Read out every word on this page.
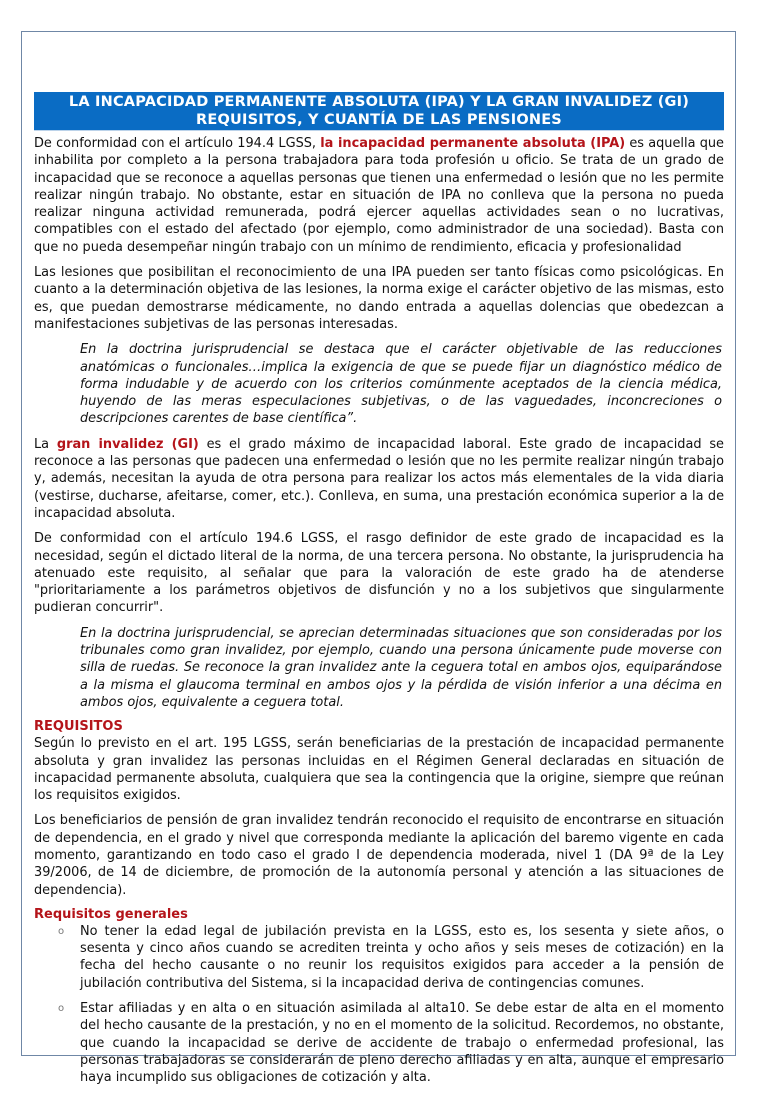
LA INCAPACIDAD PERMANENTE ABSOLUTA (IPA) Y LA GRAN INVALIDEZ (GI)
REQUISITOS, Y CUANTÍA DE LAS PENSIONES

De conformidad con el artículo 194.4 LGSS, la incapacidad permanente absoluta (IPA) es aquella que inhabilita por completo a la persona trabajadora para toda profesión u oficio. Se trata de un grado de incapacidad que se reconoce a aquellas personas que tienen una enfermedad o lesión que no les permite realizar ningún trabajo. No obstante, estar en situación de IPA no conlleva que la persona no pueda realizar ninguna actividad remunerada, podrá ejercer aquellas actividades sean o no lucrativas, compatibles con el estado del afectado (por ejemplo, como administrador de una sociedad). Basta con que no pueda desempeñar ningún trabajo con un mínimo de rendimiento, eficacia y profesionalidad

Las lesiones que posibilitan el reconocimiento de una IPA pueden ser tanto físicas como psicológicas. En cuanto a la determinación objetiva de las lesiones, la norma exige el carácter objetivo de las mismas, esto es, que puedan demostrarse médicamente, no dando entrada a aquellas dolencias que obedezcan a manifestaciones subjetivas de las personas interesadas.

En la doctrina jurisprudencial se destaca que el carácter objetivable de las reducciones anatómicas o funcionales…implica la exigencia de que se puede fijar un diagnóstico médico de forma indudable y de acuerdo con los criterios comúnmente aceptados de la ciencia médica, huyendo de las meras especulaciones subjetivas, o de las vaguedades, inconcreciones o descripciones carentes de base científica”.

La gran invalidez (GI) es el grado máximo de incapacidad laboral. Este grado de incapacidad se reconoce a las personas que padecen una enfermedad o lesión que no les permite realizar ningún trabajo y, además, necesitan la ayuda de otra persona para realizar los actos más elementales de la vida diaria (vestirse, ducharse, afeitarse, comer, etc.). Conlleva, en suma, una prestación económica superior a la de incapacidad absoluta.

De conformidad con el artículo 194.6 LGSS, el rasgo definidor de este grado de incapacidad es la necesidad, según el dictado literal de la norma, de una tercera persona. No obstante, la jurisprudencia ha atenuado este requisito, al señalar que para la valoración de este grado ha de atenderse "prioritariamente a los parámetros objetivos de disfunción y no a los subjetivos que singularmente pudieran concurrir".

En la doctrina jurisprudencial, se aprecian determinadas situaciones que son consideradas por los tribunales como gran invalidez, por ejemplo, cuando una persona únicamente pude moverse con silla de ruedas. Se reconoce la gran invalidez ante la ceguera total en ambos ojos, equiparándose a la misma el glaucoma terminal en ambos ojos y la pérdida de visión inferior a una décima en ambos ojos, equivalente a ceguera total.

REQUISITOS

Según lo previsto en el art. 195 LGSS, serán beneficiarias de la prestación de incapacidad permanente absoluta y gran invalidez las personas incluidas en el Régimen General declaradas en situación de incapacidad permanente absoluta, cualquiera que sea la contingencia que la origine, siempre que reúnan los requisitos exigidos.

Los beneficiarios de pensión de gran invalidez tendrán reconocido el requisito de encontrarse en situación de dependencia, en el grado y nivel que corresponda mediante la aplicación del baremo vigente en cada momento, garantizando en todo caso el grado I de dependencia moderada, nivel 1 (DA 9ª de la Ley 39/2006, de 14 de diciembre, de promoción de la autonomía personal y atención a las situaciones de dependencia).

Requisitos generales
o No tener la edad legal de jubilación prevista en la LGSS, esto es, los sesenta y siete años, o sesenta y cinco años cuando se acrediten treinta y ocho años y seis meses de cotización) en la fecha del hecho causante o no reunir los requisitos exigidos para acceder a la pensión de jubilación contributiva del Sistema, si la incapacidad deriva de contingencias comunes.
o Estar afiliadas y en alta o en situación asimilada al alta10. Se debe estar de alta en el momento del hecho causante de la prestación, y no en el momento de la solicitud. Recordemos, no obstante, que cuando la incapacidad se derive de accidente de trabajo o enfermedad profesional, las personas trabajadoras se considerarán de pleno derecho afiliadas y en alta, aunque el empresario haya incumplido sus obligaciones de cotización y alta.
